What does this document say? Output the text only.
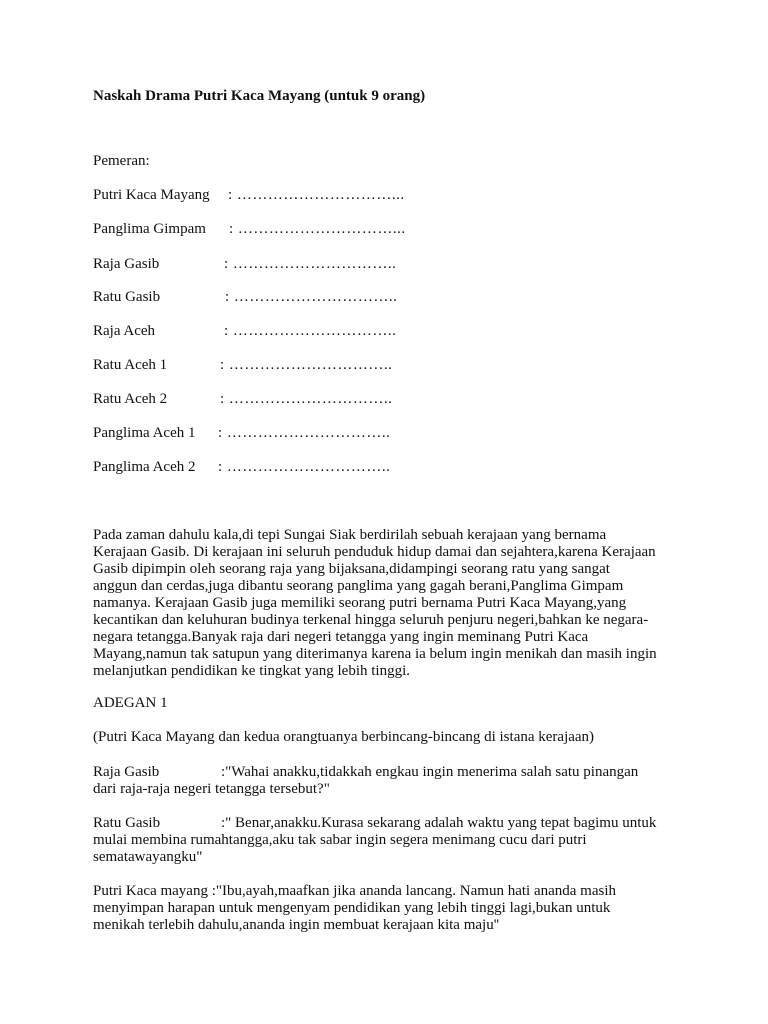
Naskah Drama Putri Kaca Mayang (untuk 9 orang)
Pemeran:
Putri Kaca Mayang : …………………………...
Panglima Gimpam : …………………………...
Raja Gasib	: …………………………..
Ratu Gasib	: …………………………..
Raja Aceh	: …………………………..
Ratu Aceh 1	: …………………………..
Ratu Aceh 2	: …………………………..
Panglima Aceh 1 : …………………………..
Panglima Aceh 2 : …………………………..
Pada zaman dahulu kala,di tepi Sungai Siak berdirilah sebuah kerajaan yang bernama
Kerajaan Gasib. Di kerajaan ini seluruh penduduk hidup damai dan sejahtera,karena Kerajaan
Gasib dipimpin oleh seorang raja yang bijaksana,didampingi seorang ratu yang sangat
anggun dan cerdas,juga dibantu seorang panglima yang gagah berani,Panglima Gimpam
namanya. Kerajaan Gasib juga memiliki seorang putri bernama Putri Kaca Mayang,yang
kecantikan dan keluhuran budinya terkenal hingga seluruh penjuru negeri,bahkan ke negara-
negara tetangga.Banyak raja dari negeri tetangga yang ingin meminang Putri Kaca
Mayang,namun tak satupun yang diterimanya karena ia belum ingin menikah dan masih ingin
melanjutkan pendidikan ke tingkat yang lebih tinggi.
ADEGAN 1
(Putri Kaca Mayang dan kedua orangtuanya berbincang-bincang di istana kerajaan)
Raja Gasib	:"Wahai anakku,tidakkah engkau ingin menerima salah satu pinangan
dari raja-raja negeri tetangga tersebut?"
Ratu Gasib	:" Benar,anakku.Kurasa sekarang adalah waktu yang tepat bagimu untuk
mulai membina rumahtangga,aku tak sabar ingin segera menimang cucu dari putri
sematawayangku"
Putri Kaca mayang :"Ibu,ayah,maafkan jika ananda lancang. Namun hati ananda masih
menyimpan harapan untuk mengenyam pendidikan yang lebih tinggi lagi,bukan untuk
menikah terlebih dahulu,ananda ingin membuat kerajaan kita maju''
